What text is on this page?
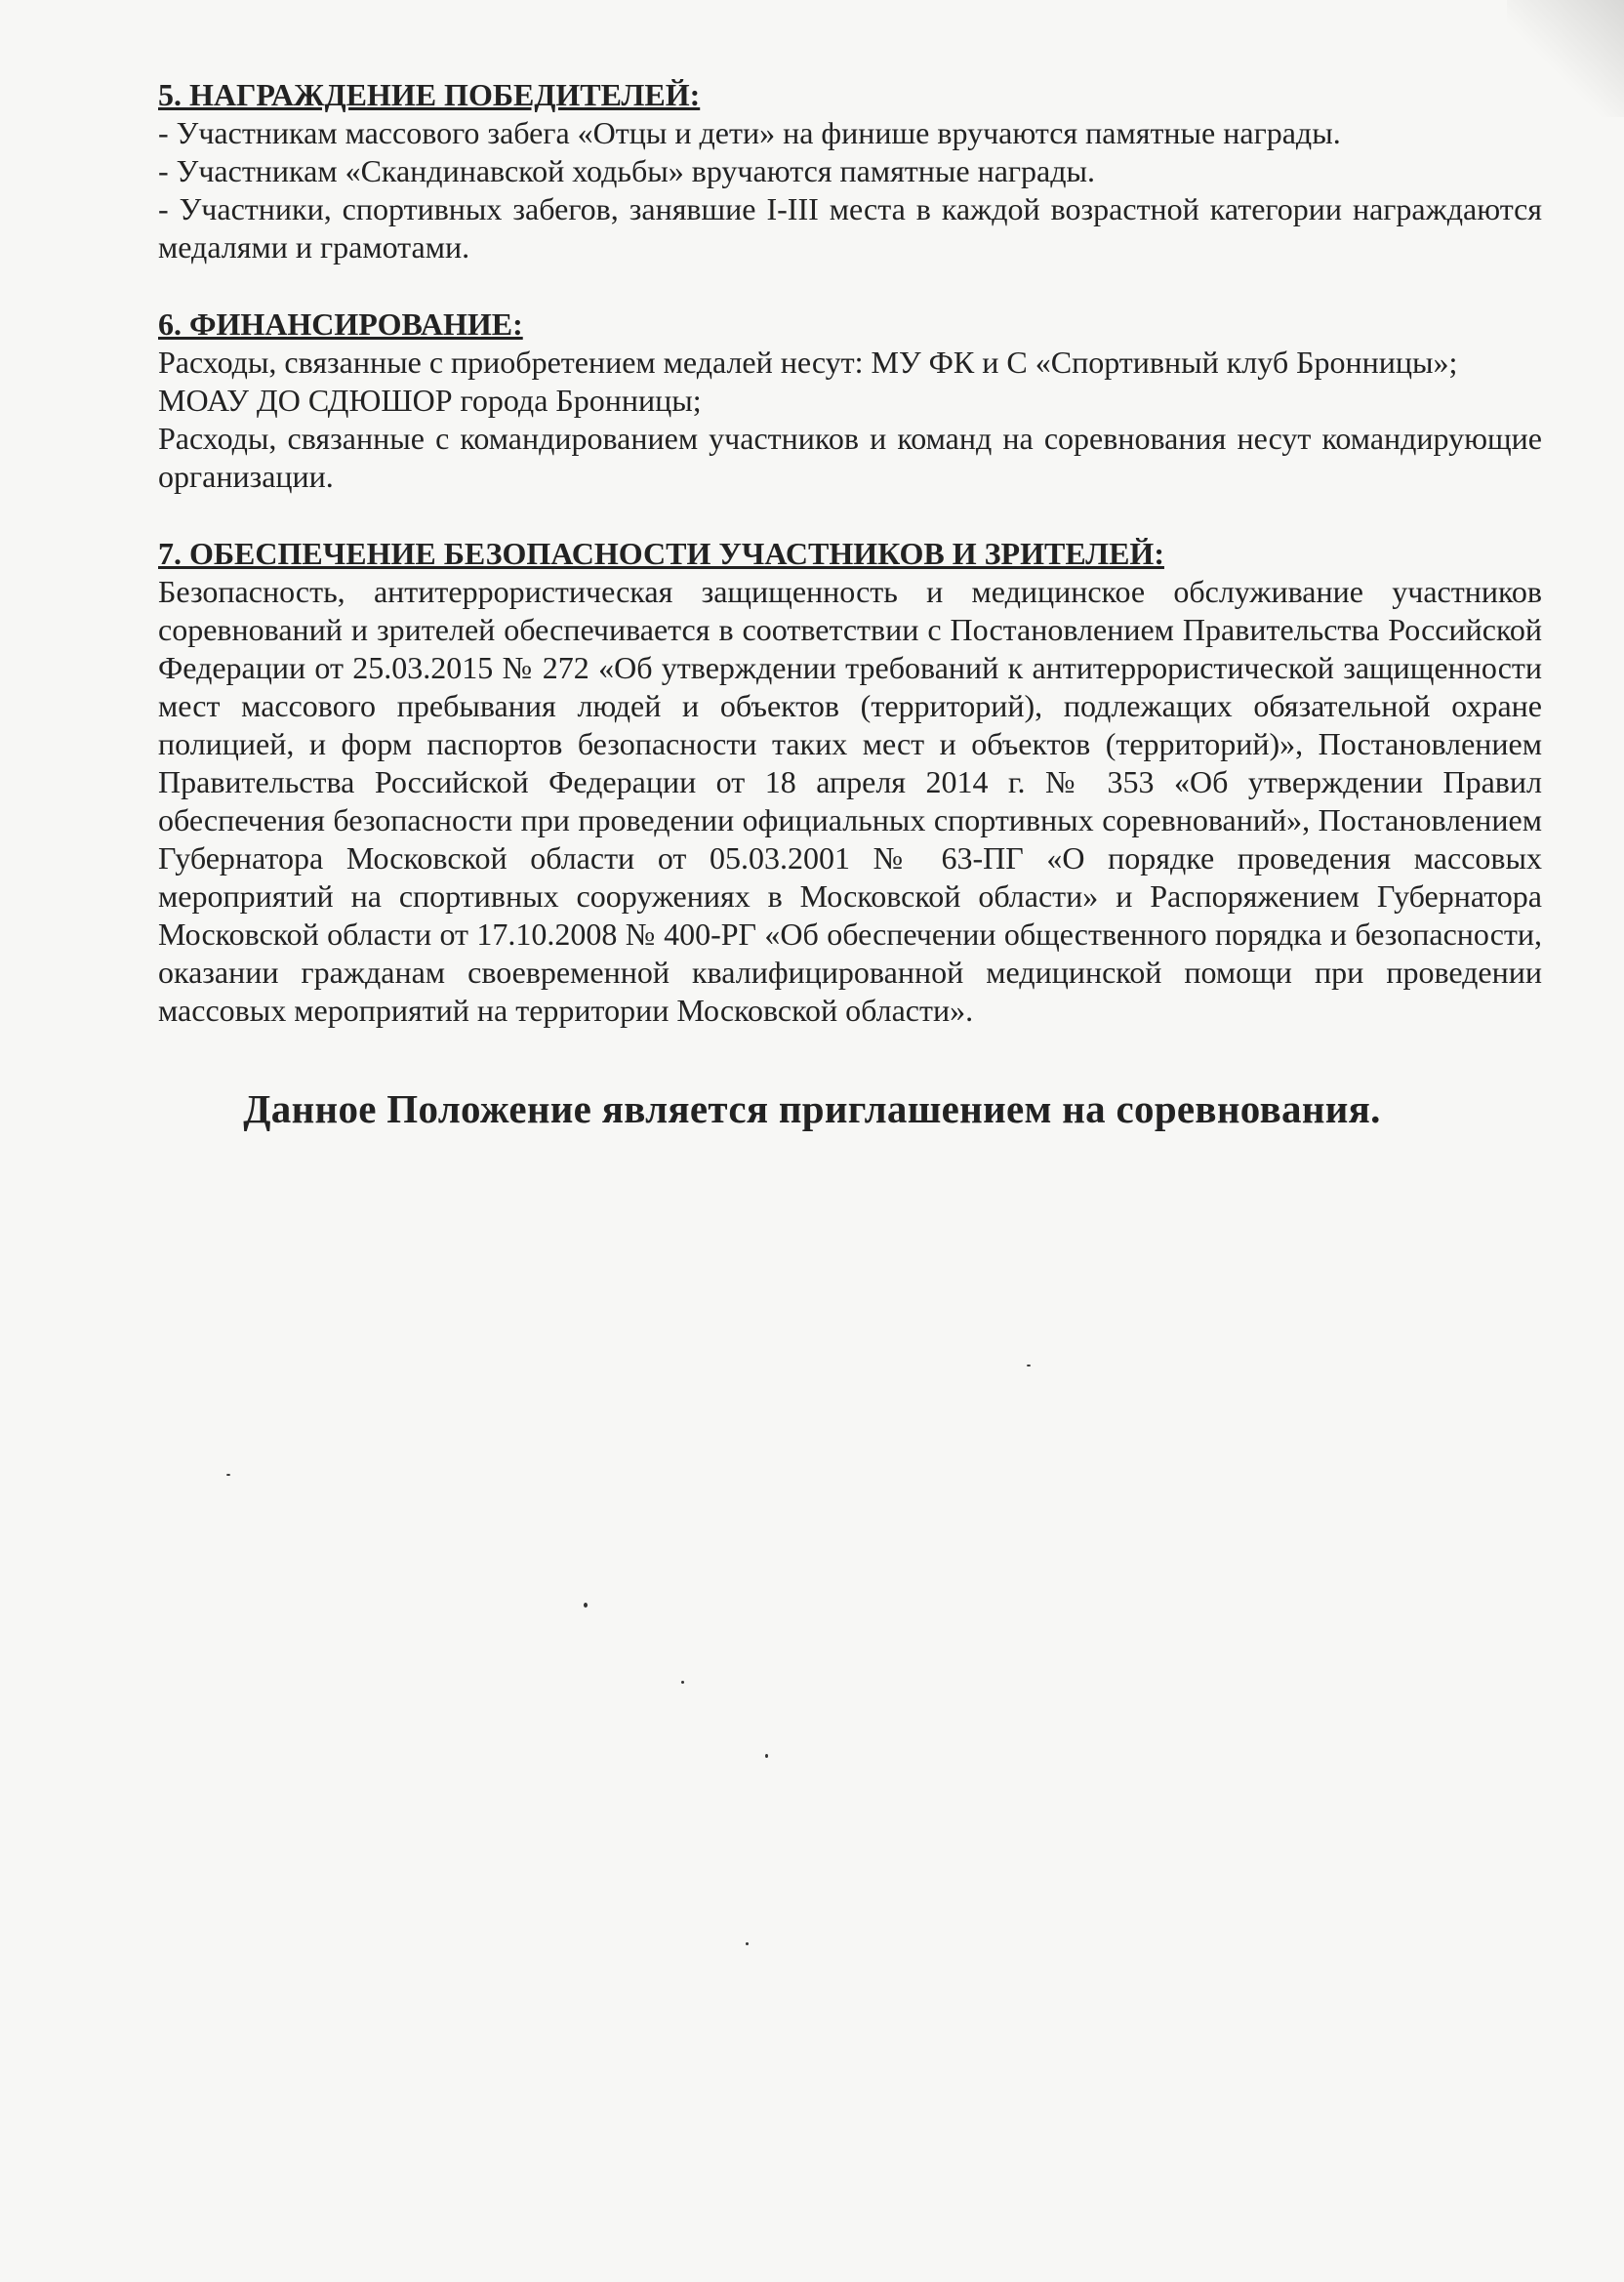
5. НАГРАЖДЕНИЕ ПОБЕДИТЕЛЕЙ:

- Участникам массового забега «Отцы и дети» на финише вручаются памятные награды.

- Участникам «Скандинавской ходьбы» вручаются памятные награды.

- Участники, спортивных забегов, занявшие I-III места в каждой возрастной категории награждаются медалями и грамотами.

6. ФИНАНСИРОВАНИЕ:

Расходы, связанные с приобретением медалей несут: МУ ФК и С «Спортивный клуб Бронницы»;

МОАУ ДО СДЮШОР города Бронницы;

Расходы, связанные с командированием участников и команд на соревнования несут командирующие организации.

7. ОБЕСПЕЧЕНИЕ БЕЗОПАСНОСТИ УЧАСТНИКОВ И ЗРИТЕЛЕЙ:

Безопасность, антитеррористическая защищенность и медицинское обслуживание участников соревнований и зрителей обеспечивается в соответствии с Постановлением Правительства Российской Федерации от 25.03.2015 № 272 «Об утверждении требований к антитеррористической защищенности мест массового пребывания людей и объектов (территорий), подлежащих обязательной охране полицией, и форм паспортов безопасности таких мест и объектов (территорий)», Постановлением Правительства Российской Федерации от 18 апреля 2014 г. № 353 «Об утверждении Правил обеспечения безопасности при проведении официальных спортивных соревнований», Постановлением Губернатора Московской области от 05.03.2001 № 63-ПГ «О порядке проведения массовых мероприятий на спортивных сооружениях в Московской области» и Распоряжением Губернатора Московской области от 17.10.2008 № 400-РГ «Об обеспечении общественного порядка и безопасности, оказании гражданам своевременной квалифицированной медицинской помощи при проведении массовых мероприятий на территории Московской области».

Данное Положение является приглашением на соревнования.
